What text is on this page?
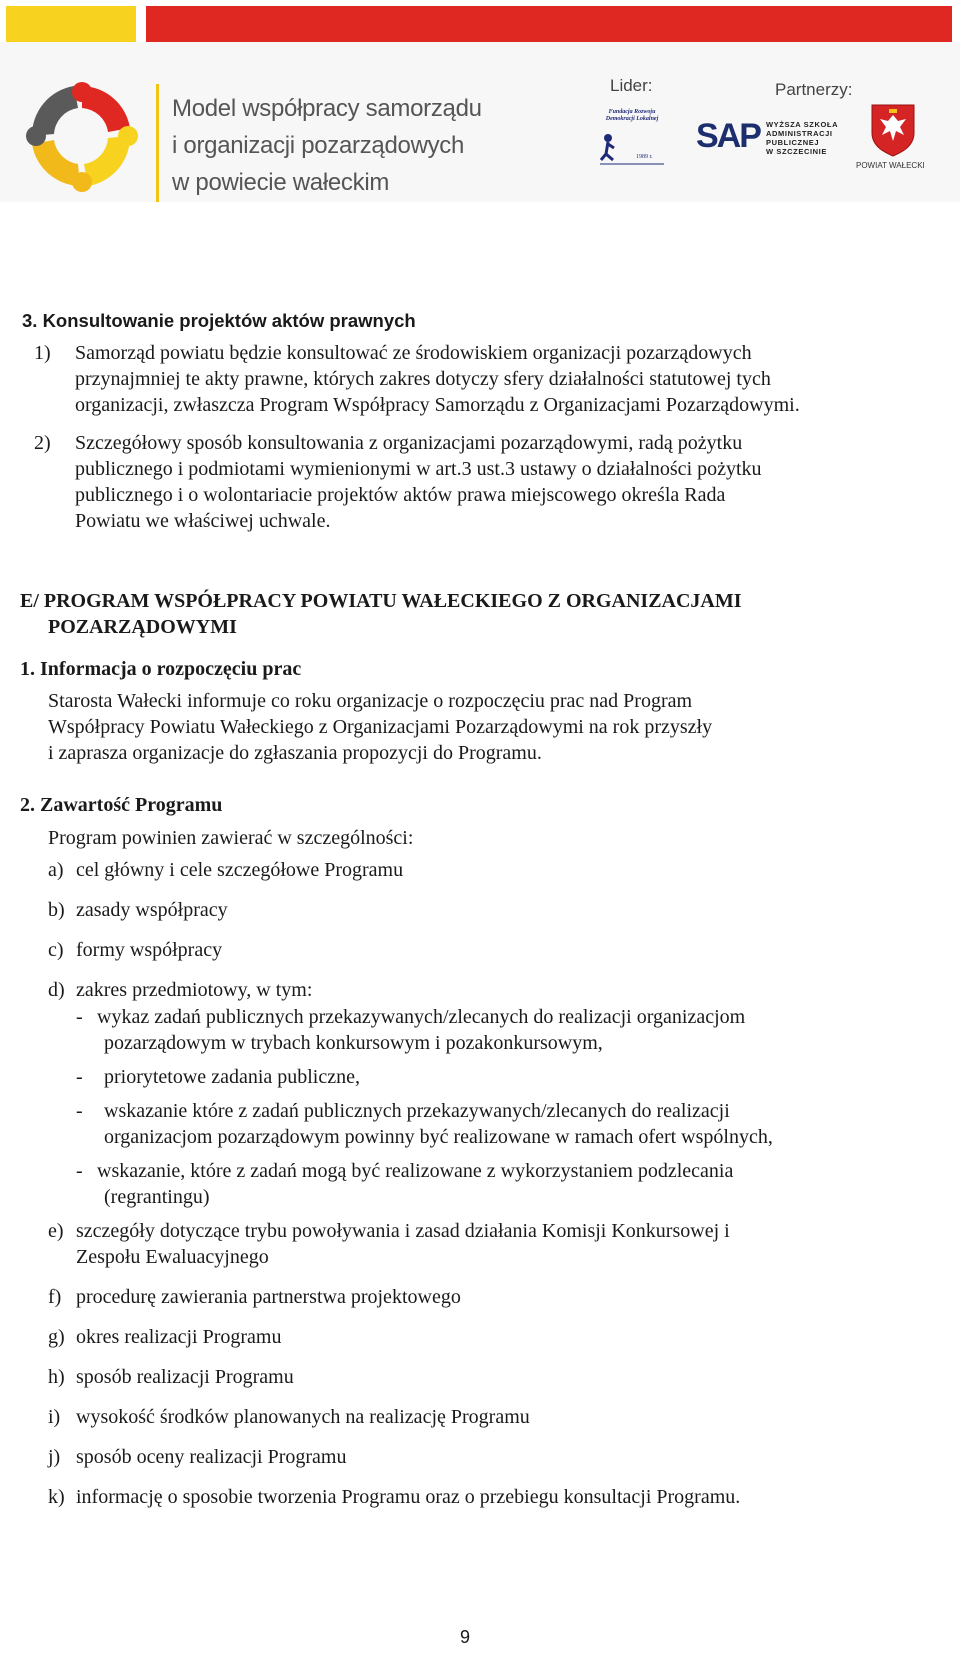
Model współpracy samorządu
i organizacji pozarządowych
w powiecie wałeckim
Lider:	Partnerzy:
Fundacja Rozwoju Demokracji Lokalnej
1989 r.
SAP WYŻSZA SZKOŁA
ADMINISTRACJI
PUBLICZNEJ
W SZCZECINIE
POWIAT WAŁECKI
3. Konsultowanie projektów aktów prawnych
1) Samorząd powiatu będzie konsultować ze środowiskiem organizacji pozarządowych
przynajmniej te akty prawne, których zakres dotyczy sfery działalności statutowej tych
organizacji, zwłaszcza Program Współpracy Samorządu z Organizacjami Pozarządowymi.
2) Szczegółowy sposób konsultowania z organizacjami pozarządowymi, radą pożytku
publicznego i podmiotami wymienionymi w art.3 ust.3 ustawy o działalności pożytku
publicznego i o wolontariacie projektów aktów prawa miejscowego określa Rada
Powiatu we właściwej uchwale.
E/ PROGRAM WSPÓŁPRACY POWIATU WAŁECKIEGO Z ORGANIZACJAMI
POZARZĄDOWYMI
1. Informacja o rozpoczęciu prac
Starosta Wałecki informuje co roku organizacje o rozpoczęciu prac nad Program
Współpracy Powiatu Wałeckiego z Organizacjami Pozarządowymi na rok przyszły
i zaprasza organizacje do zgłaszania propozycji do Programu.
2. Zawartość Programu
Program powinien zawierać w szczególności:
a) cel główny i cele szczegółowe Programu
b) zasady współpracy
c) formy współpracy
d) zakres przedmiotowy, w tym:
- wykaz zadań publicznych przekazywanych/zlecanych do realizacji organizacjom
pozarządowym w trybach konkursowym i pozakonkursowym,
- priorytetowe zadania publiczne,
- wskazanie które z zadań publicznych przekazywanych/zlecanych do realizacji
organizacjom pozarządowym powinny być realizowane w ramach ofert wspólnych,
- wskazanie, które z zadań mogą być realizowane z wykorzystaniem podzlecania
(regrantingu)
e) szczegóły dotyczące trybu powoływania i zasad działania Komisji Konkursowej i
Zespołu Ewaluacyjnego
f) procedurę zawierania partnerstwa projektowego
g) okres realizacji Programu
h) sposób realizacji Programu
i) wysokość środków planowanych na realizację Programu
j) sposób oceny realizacji Programu
k) informację o sposobie tworzenia Programu oraz o przebiegu konsultacji Programu.
9
